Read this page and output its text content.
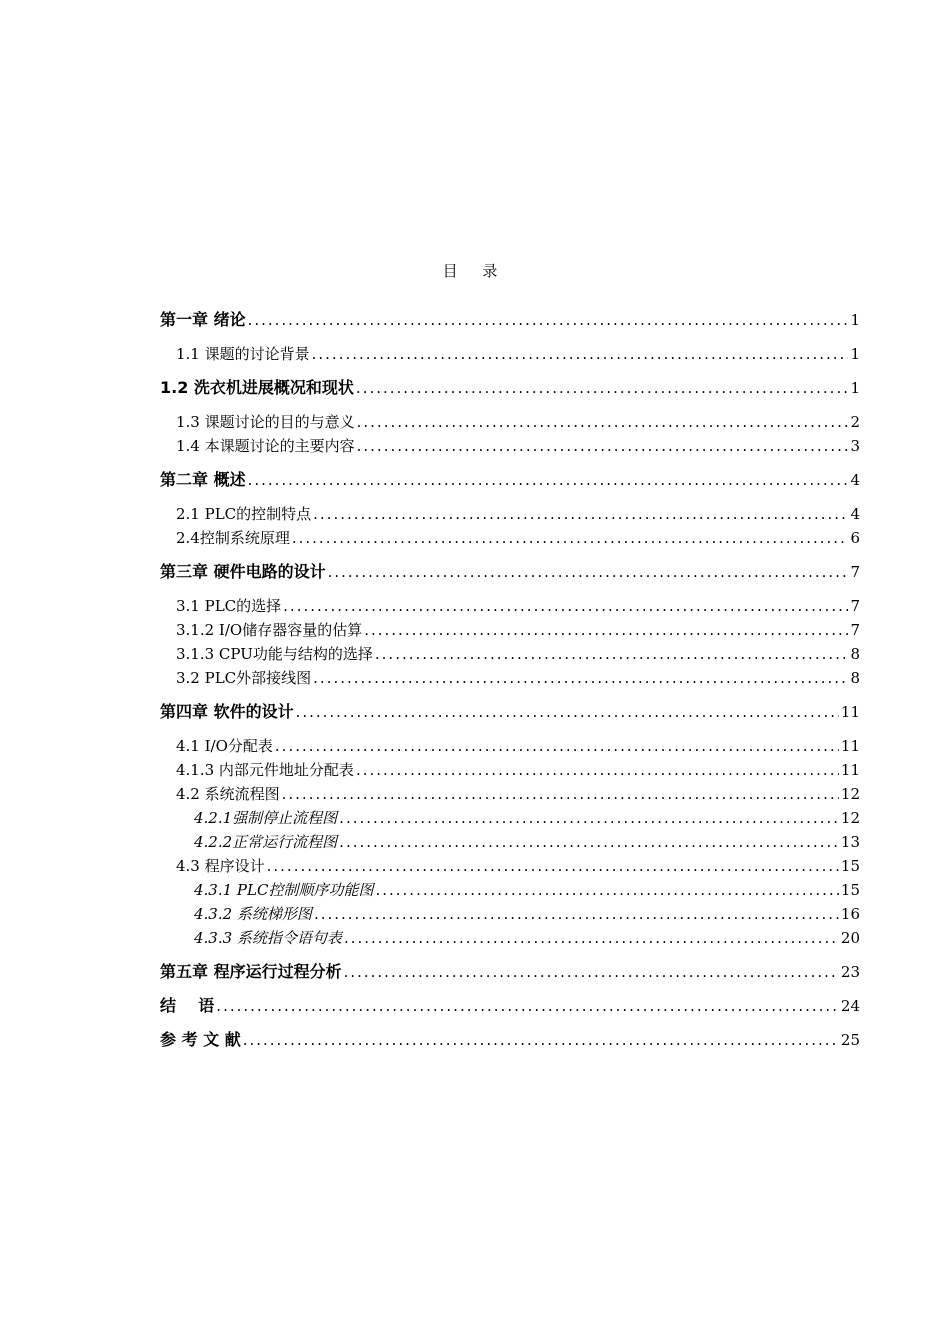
目 录
第一章 绪论 .....	1
1.1 课题的讨论背景 .....	1
1.2 洗衣机进展概况和现状 .....	1
1.3 课题讨论的目的与意义 .....	2
1.4 本课题讨论的主要内容 .....	3
第二章 概述 .....	4
2.1 PLC的控制特点 .....	4
2.4控制系统原理 .....	6
第三章 硬件电路的设计 .....	7
3.1 PLC的选择 .....	7
3.1.2 I/O储存器容量的估算 .....	7
3.1.3 CPU功能与结构的选择 .....	8
3.2 PLC外部接线图 .....	8
第四章 软件的设计 .....	11
4.1 I/O分配表 .....	11
4.1.3 内部元件地址分配表 .....	11
4.2 系统流程图 .....	12
4.2.1强制停止流程图 .....	12
4.2.2正常运行流程图 .....	13
4.3 程序设计 .....	15
4.3.1 PLC控制顺序功能图 .....	15
4.3.2 系统梯形图 .....	16
4.3.3 系统指令语句表 .....	20
第五章 程序运行过程分析 .....	23
结    语 .....	24
参 考 文 献 .....	25
